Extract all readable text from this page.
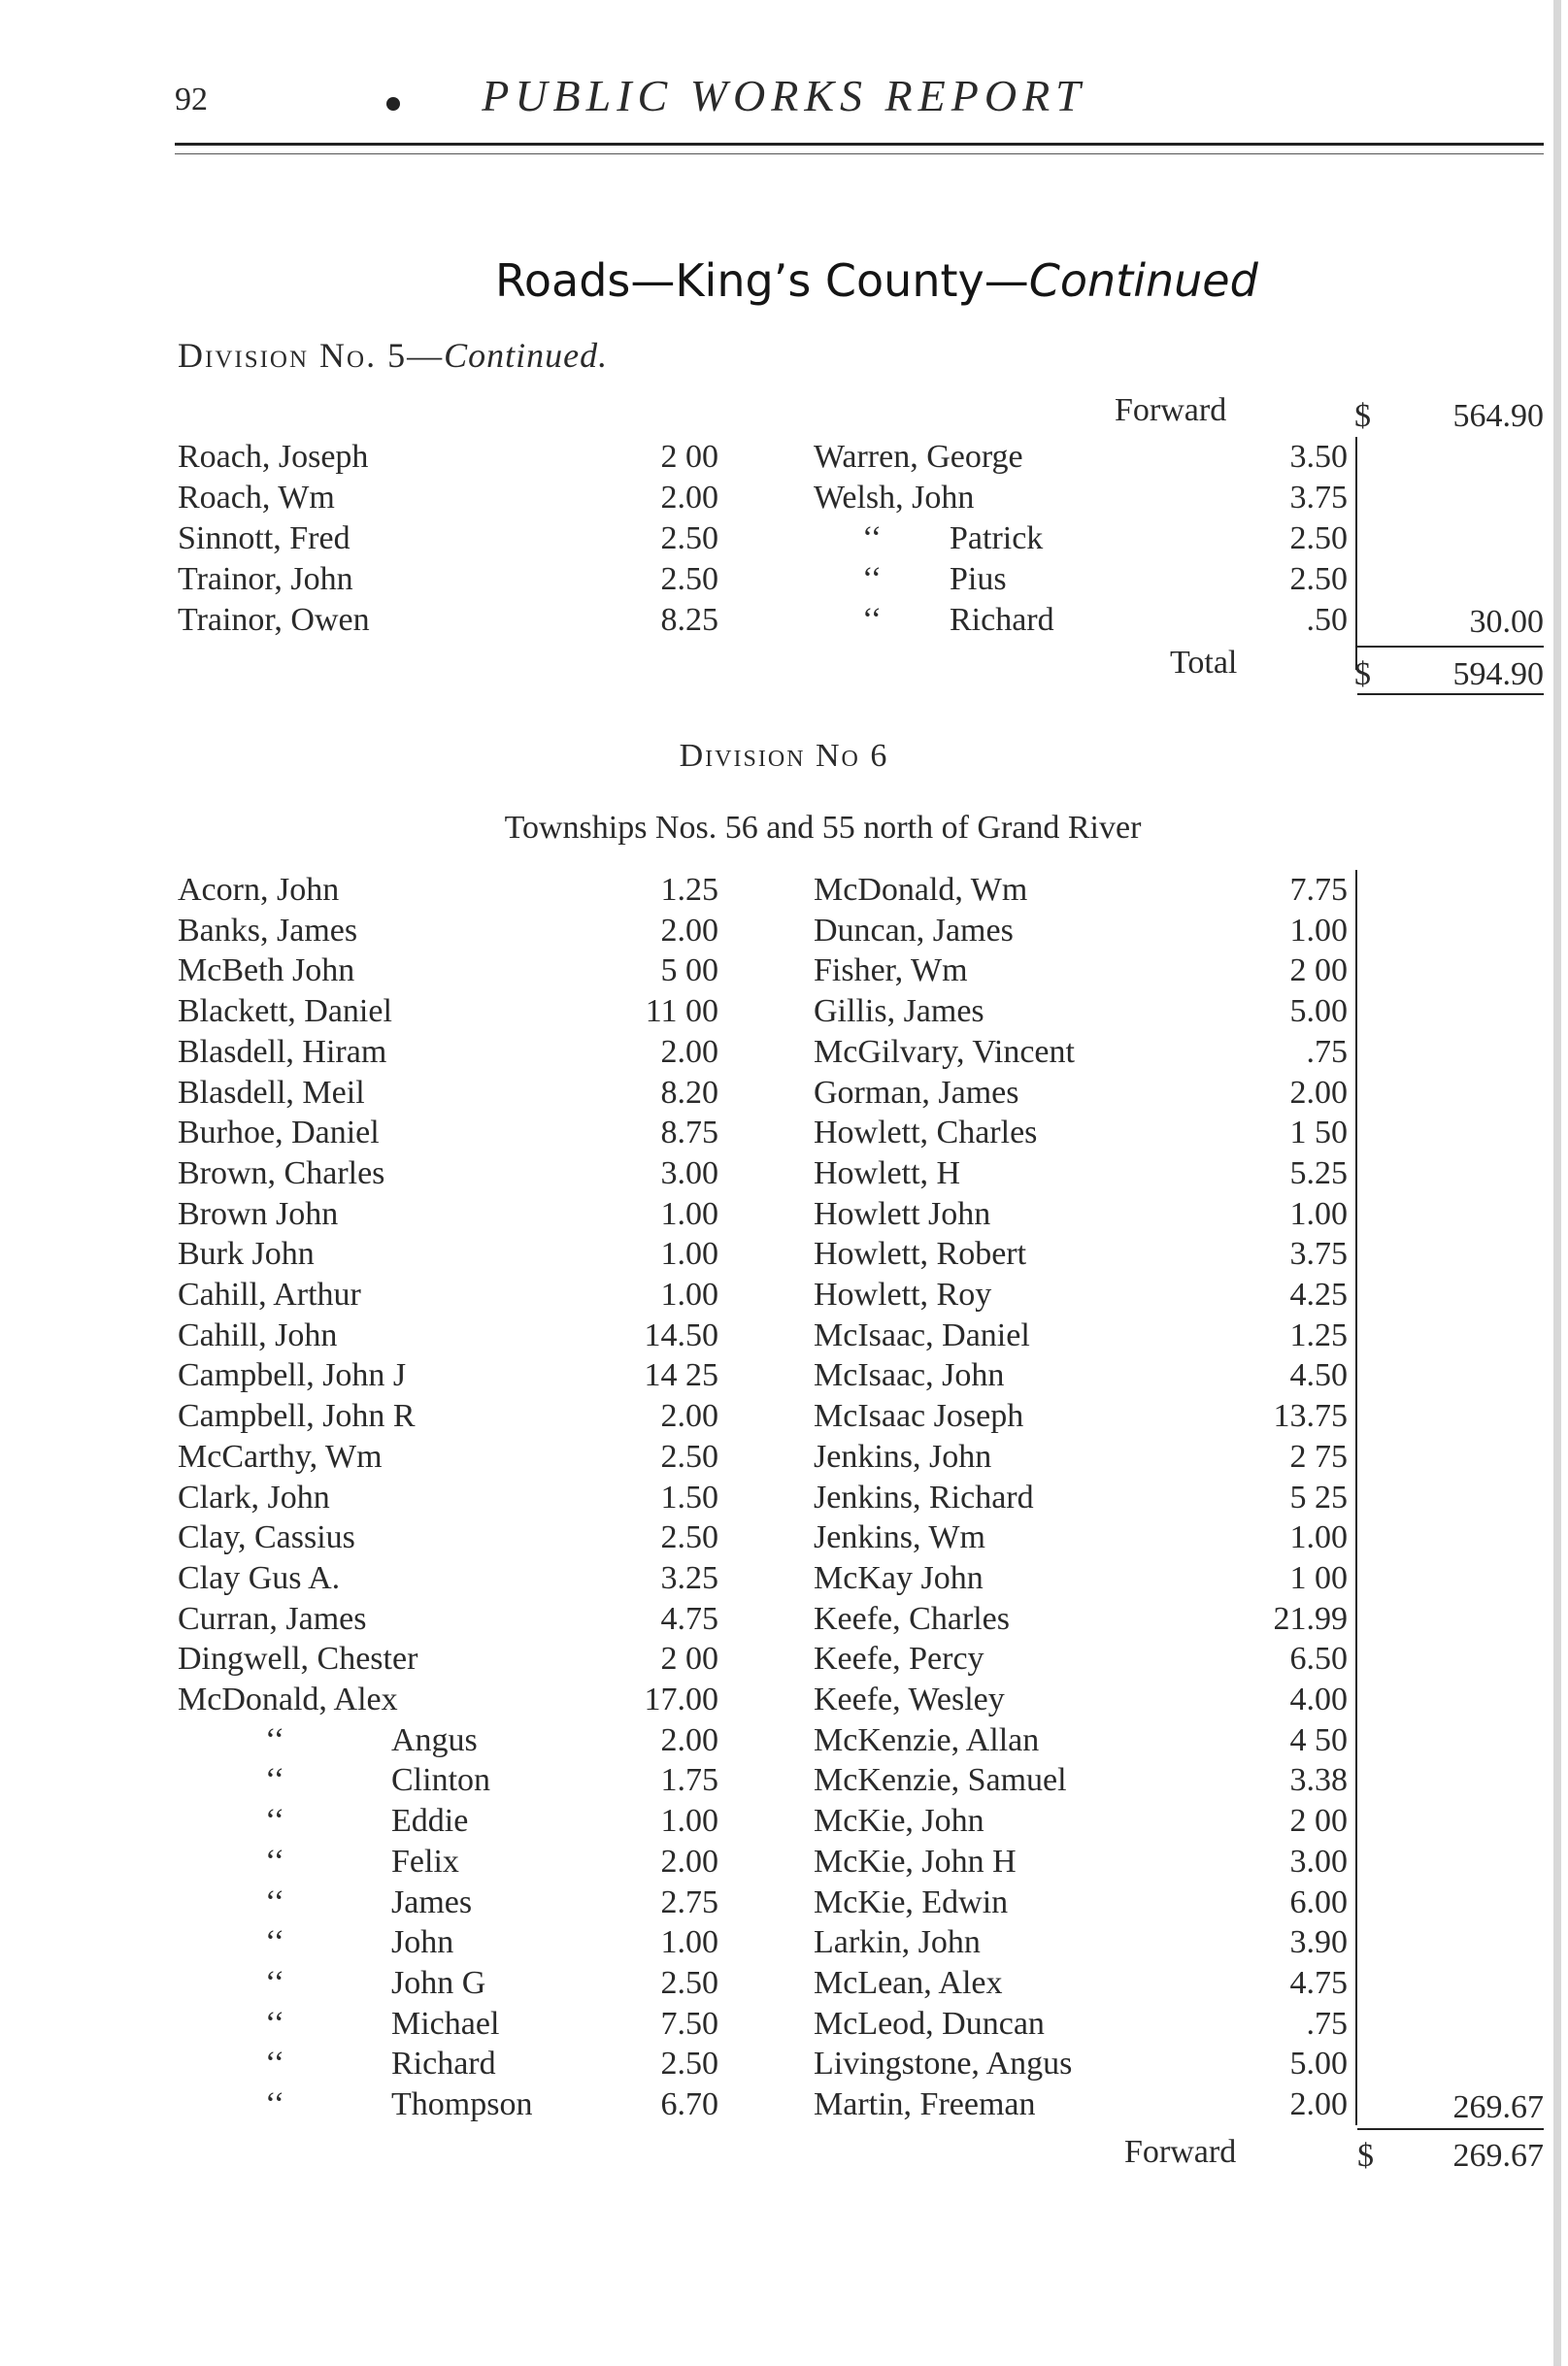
92	PUBLIC WORKS REPORT
Roads—King’s County—Continued
Division No. 5—Continued.
Forward	$	564.90
Roach, Joseph	2 00
Roach, Wm	2.00
Sinnott, Fred	2.50
Trainor, John	2.50
Trainor, Owen	8.25
Warren, George	3.50
Welsh, John	3.75
‘‘ Patrick	2.50
‘‘ Pius	2.50
‘‘ Richard	.50	30.00
Total	$	594.90
Division No 6
Townships Nos. 56 and 55 north of Grand River
Acorn, John	1.25
Banks, James	2.00
McBeth John	5 00
Blackett, Daniel	11 00
Blasdell, Hiram	2.00
Blasdell, Meil	8.20
Burhoe, Daniel	8.75
Brown, Charles	3.00
Brown John	1.00
Burk John	1.00
Cahill, Arthur	1.00
Cahill, John	14.50
Campbell, John J	14 25
Campbell, John R	2.00
McCarthy, Wm	2.50
Clark, John	1.50
Clay, Cassius	2.50
Clay Gus A.	3.25
Curran, James	4.75
Dingwell, Chester	2 00
McDonald, Alex	17.00
‘‘	Angus	2.00
‘‘	Clinton	1.75
‘‘	Eddie	1.00
‘‘	Felix	2.00
‘‘	James	2.75
‘‘	John	1.00
‘‘	John G	2.50
‘‘	Michael	7.50
‘‘	Richard	2.50
‘‘	Thompson	6.70
McDonald, Wm	7.75
Duncan, James	1.00
Fisher, Wm	2 00
Gillis, James	5.00
McGilvary, Vincent	.75
Gorman, James	2.00
Howlett, Charles	1 50
Howlett, H	5.25
Howlett John	1.00
Howlett, Robert	3.75
Howlett, Roy	4.25
McIsaac, Daniel	1.25
McIsaac, John	4.50
McIsaac Joseph	13.75
Jenkins, John	2 75
Jenkins, Richard	5 25
Jenkins, Wm	1.00
McKay John	1 00
Keefe, Charles	21.99
Keefe, Percy	6.50
Keefe, Wesley	4.00
McKenzie, Allan	4 50
McKenzie, Samuel	3.38
McKie, John	2 00
McKie, John H	3.00
McKie, Edwin	6.00
Larkin, John	3.90
McLean, Alex	4.75
McLeod, Duncan	.75
Livingstone, Angus	5.00
Martin, Freeman	2.00	269.67
Forward	$	269.67
